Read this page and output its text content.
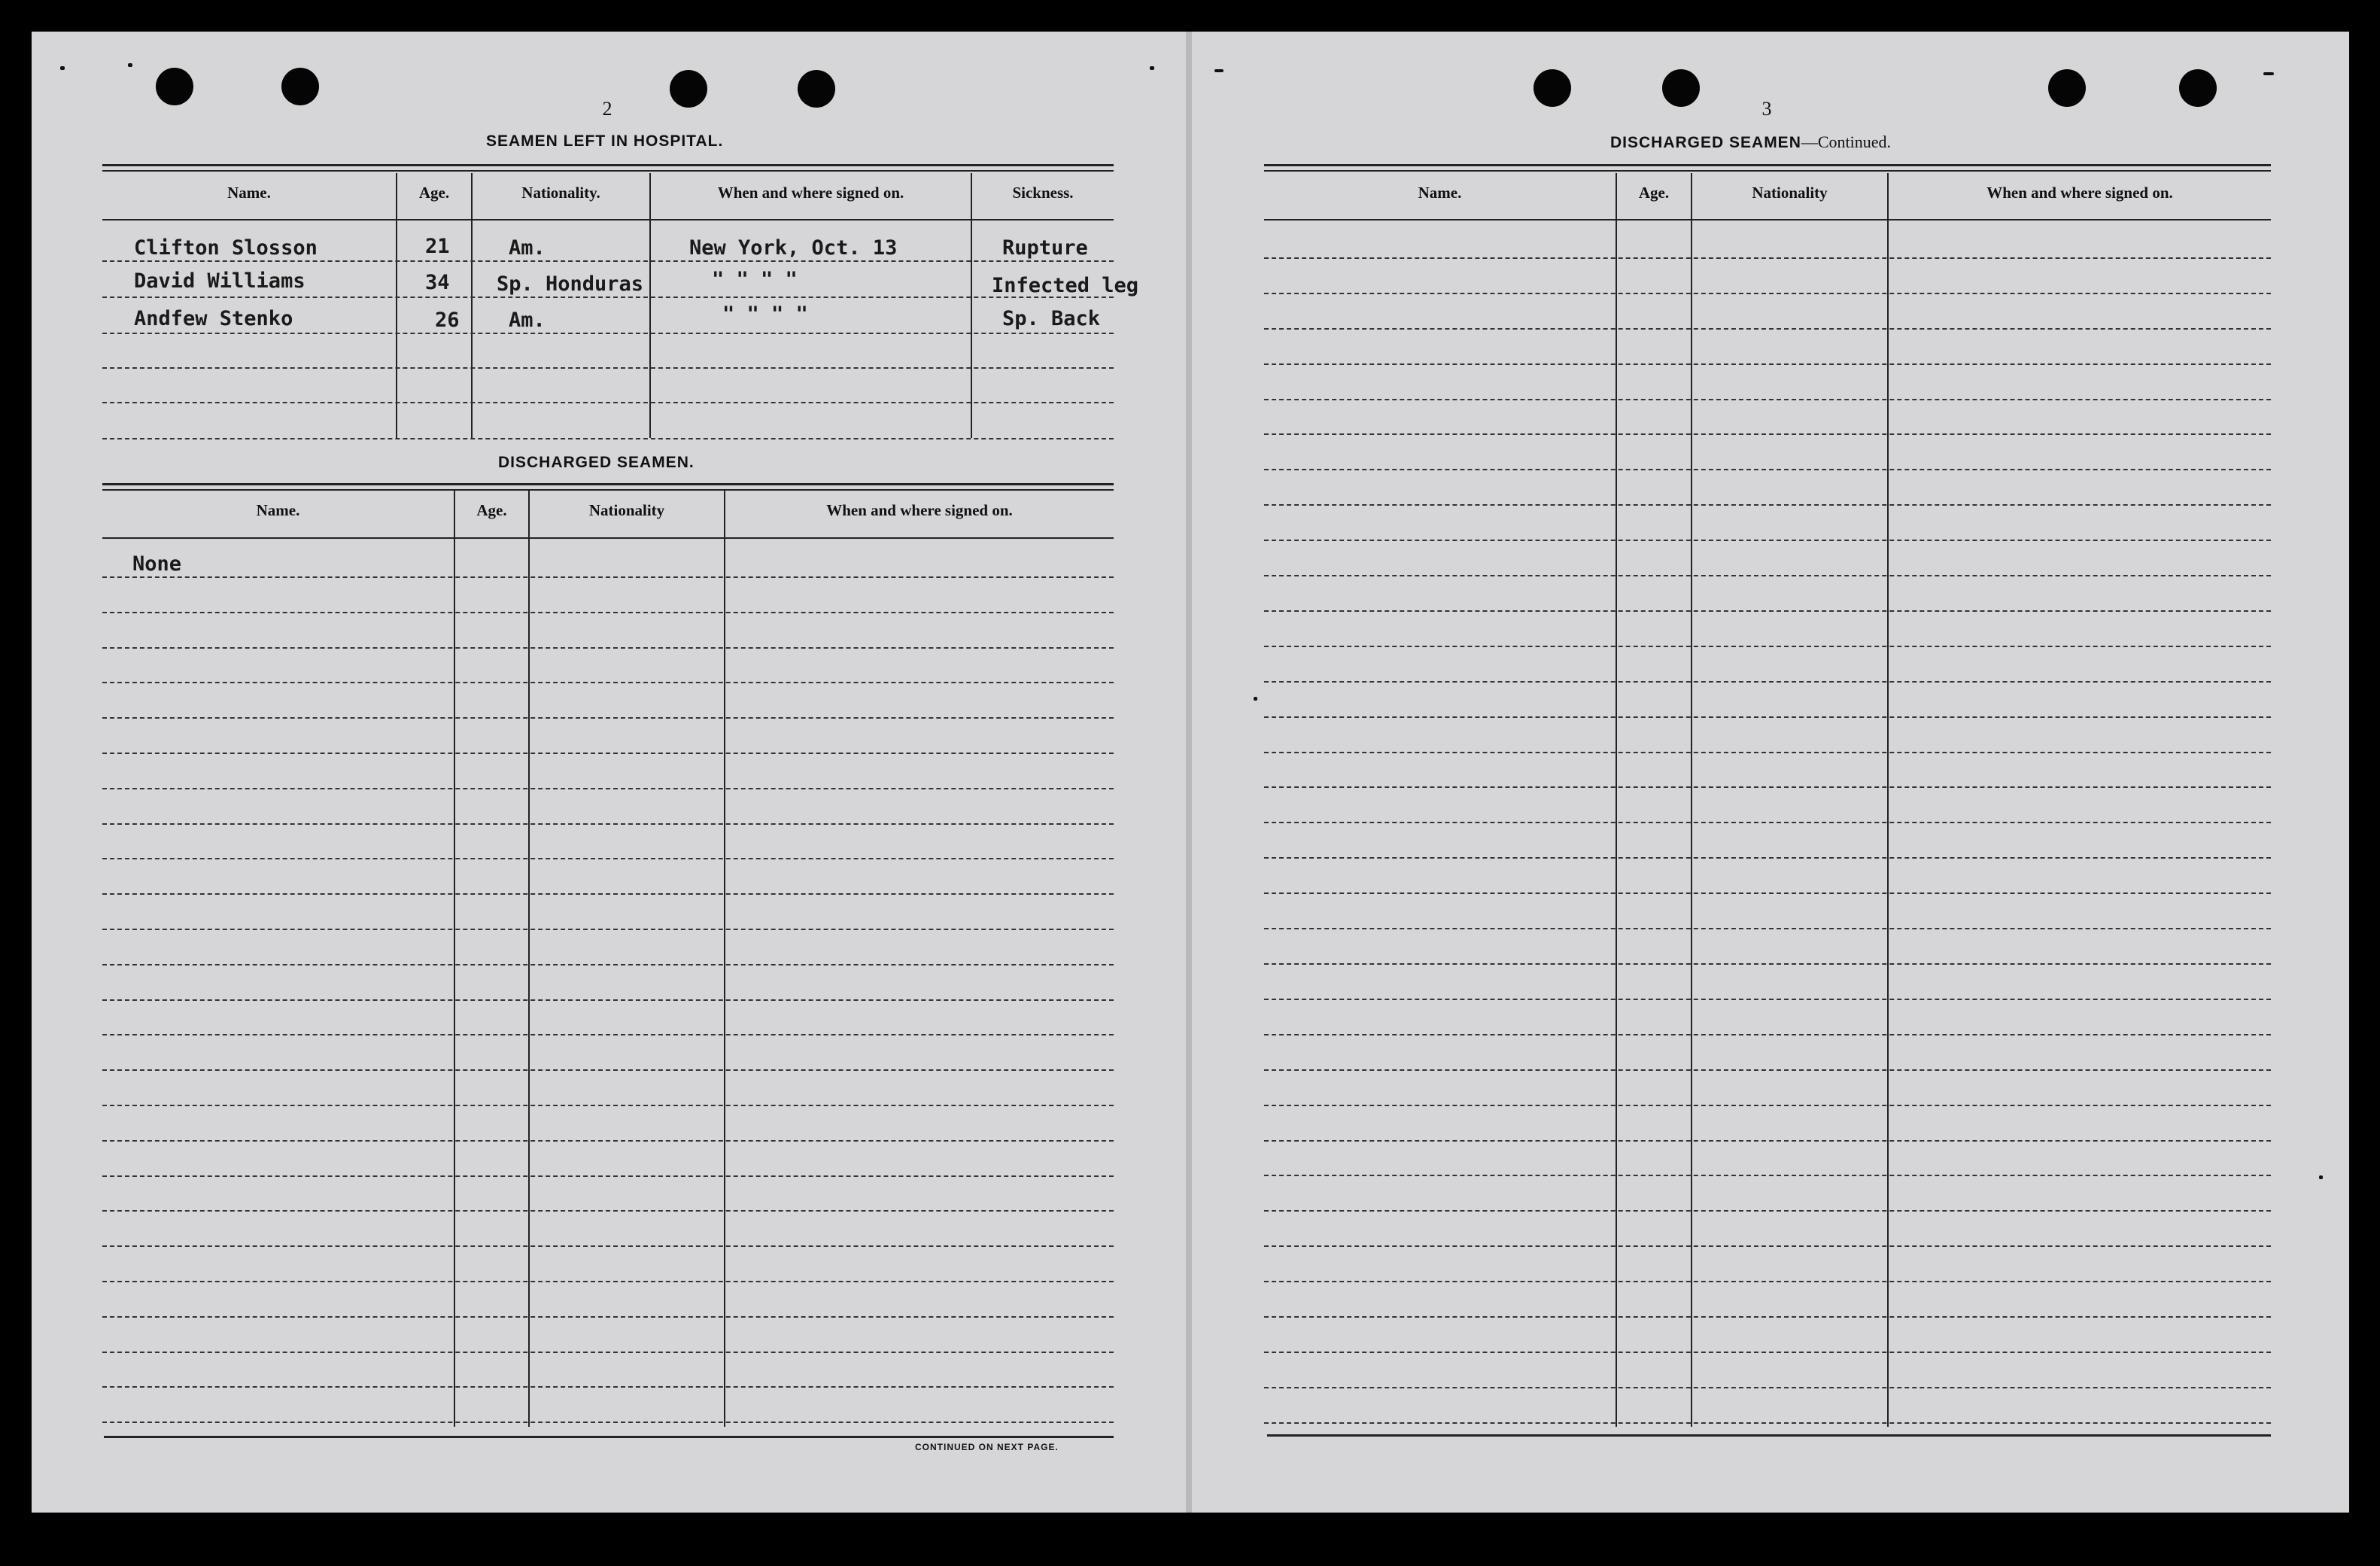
2
SEAMEN LEFT IN HOSPITAL.
Name.	Age.	Nationality.	When and where signed on.	Sickness.
Clifton Slosson	21	Am.	New York, Oct. 13	Rupture
David Williams	34 Sp. Honduras	" " " "	Infected leg
Andfew Stenko	26 Am.	" " " "	Sp. Back
DISCHARGED SEAMEN.
Name.	Age.	Nationality	When and where signed on.
None
CONTINUED ON NEXT PAGE.
3
DISCHARGED SEAMEN—Continued.
Name.	Age.	Nationality	When and where signed on.
